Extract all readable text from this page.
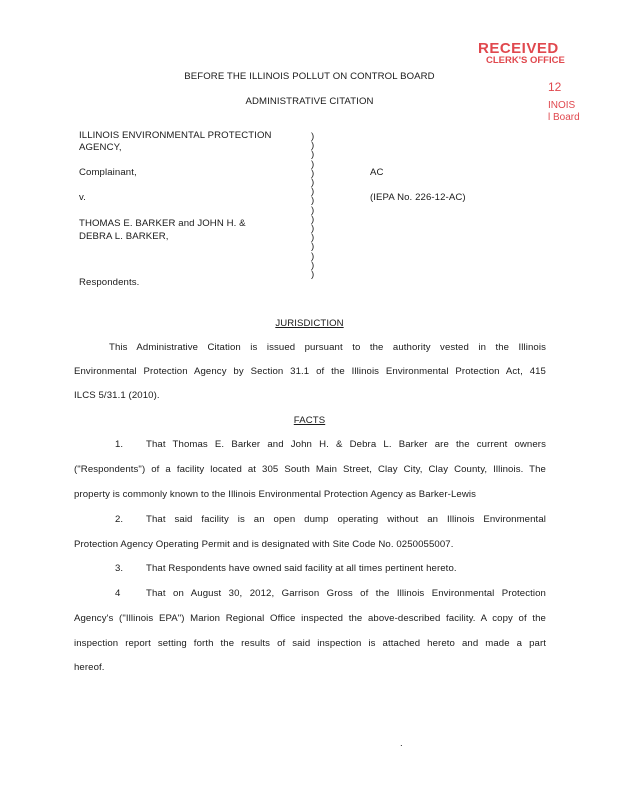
RECEIVED
CLERK'S OFFICE
12
INOIS
l Board
BEFORE THE ILLINOIS POLLUT ON CONTROL BOARD
ADMINISTRATIVE CITATION
ILLINOIS ENVIRONMENTAL PROTECTION
AGENCY,
Complainant,
v.
THOMAS E. BARKER and JOHN H. &
DEBRA L. BARKER,
Respondents.
)
)
)
)
)
)
)
)
)
)
)
)
)
)
)
)
AC
(IEPA No. 226-12-AC)
JURISDICTION
This Administrative Citation is issued pursuant to the authority vested in the Illinois
Environmental Protection Agency by Section 31.1 of the Illinois Environmental Protection Act, 415
ILCS 5/31.1 (2010).
FACTS
1. That Thomas E. Barker and John H. & Debra L. Barker are the current owners
("Respondents") of a facility located at 305 South Main Street, Clay City, Clay County, Illinois. The
property is commonly known to the Illinois Environmental Protection Agency as Barker-Lewis
2. That said facility is an open dump operating without an Illinois Environmental
Protection Agency Operating Permit and is designated with Site Code No. 0250055007.
3. That Respondents have owned said facility at all times pertinent hereto.
4	That on August 30, 2012, Garrison Gross of the Illinois Environmental Protection
Agency's ("Illinois EPA") Marion Regional Office inspected the above-described facility. A copy of the
inspection report setting forth the results of said inspection is attached hereto and made a part
hereof.
.
